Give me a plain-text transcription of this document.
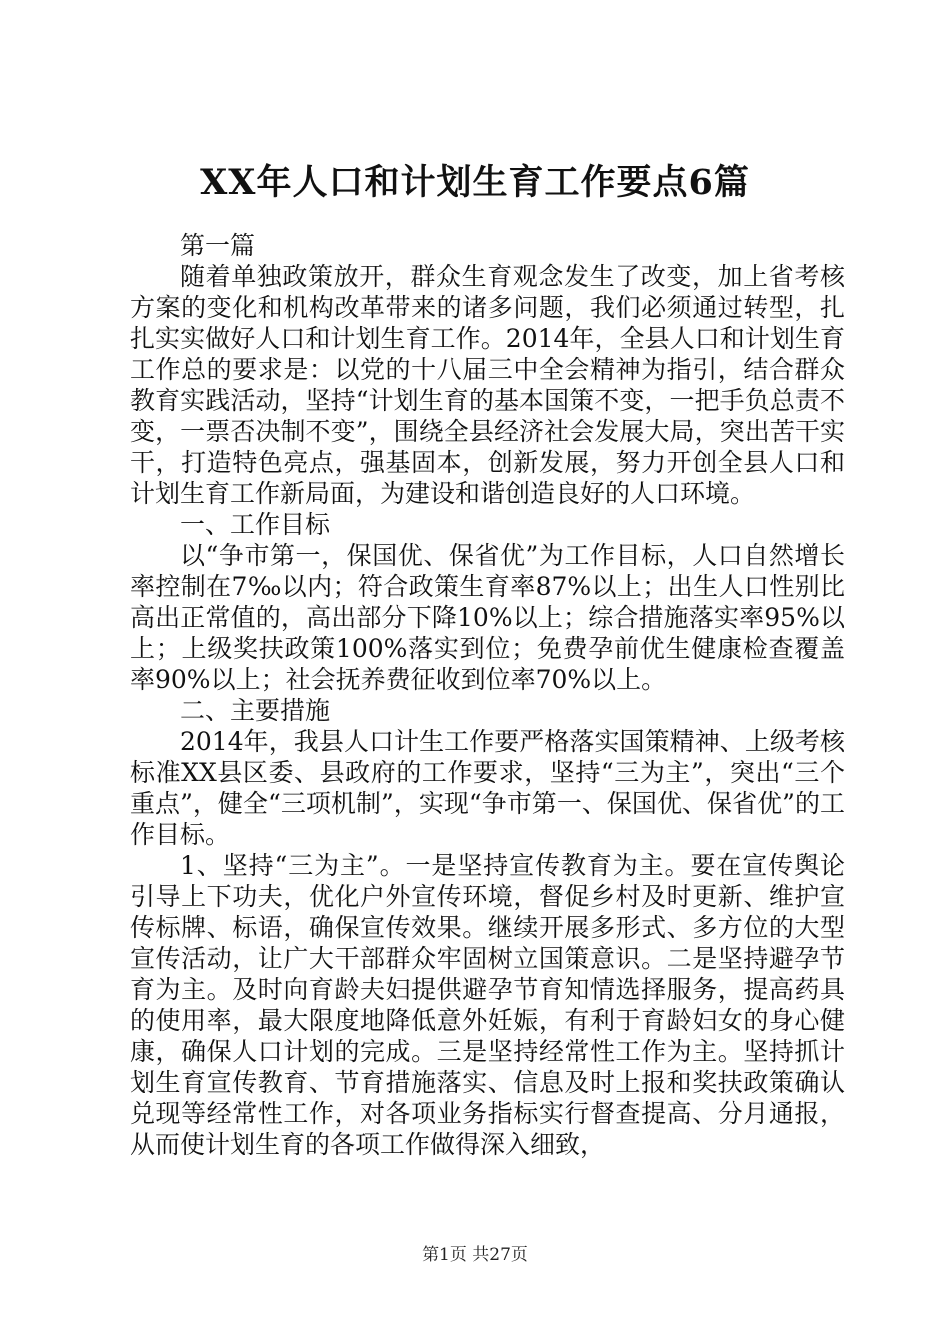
XX年人口和计划生育工作要点6篇

第一篇

随着单独政策放开，群众生育观念发生了改变，加上省考核方案的变化和机构改革带来的诸多问题，我们必须通过转型，扎扎实实做好人口和计划生育工作。2014年，全县人口和计划生育工作总的要求是：以党的十八届三中全会精神为指引，结合群众教育实践活动，坚持“计划生育的基本国策不变，一把手负总责不变，一票否决制不变”，围绕全县经济社会发展大局，突出苦干实干，打造特色亮点，强基固本，创新发展，努力开创全县人口和计划生育工作新局面，为建设和谐创造良好的人口环境。

一、工作目标

以“争市第一，保国优、保省优”为工作目标，人口自然增长率控制在7‰以内；符合政策生育率87%以上；出生人口性别比高出正常值的，高出部分下降10%以上；综合措施落实率95%以上；上级奖扶政策100%落实到位；免费孕前优生健康检查覆盖率90%以上；社会抚养费征收到位率70%以上。

二、主要措施

2014年，我县人口计生工作要严格落实国策精神、上级考核标准XX县区委、县政府的工作要求，坚持“三为主”，突出“三个重点”，健全“三项机制”，实现“争市第一、保国优、保省优”的工作目标。

1、坚持“三为主”。一是坚持宣传教育为主。要在宣传舆论引导上下功夫，优化户外宣传环境，督促乡村及时更新、维护宣传标牌、标语，确保宣传效果。继续开展多形式、多方位的大型宣传活动，让广大干部群众牢固树立国策意识。二是坚持避孕节育为主。及时向育龄夫妇提供避孕节育知情选择服务，提高药具的使用率，最大限度地降低意外妊娠，有利于育龄妇女的身心健康，确保人口计划的完成。三是坚持经常性工作为主。坚持抓计划生育宣传教育、节育措施落实、信息及时上报和奖扶政策确认兑现等经常性工作，对各项业务指标实行督查提高、分月通报，从而使计划生育的各项工作做得深入细致，

第1页 共27页
